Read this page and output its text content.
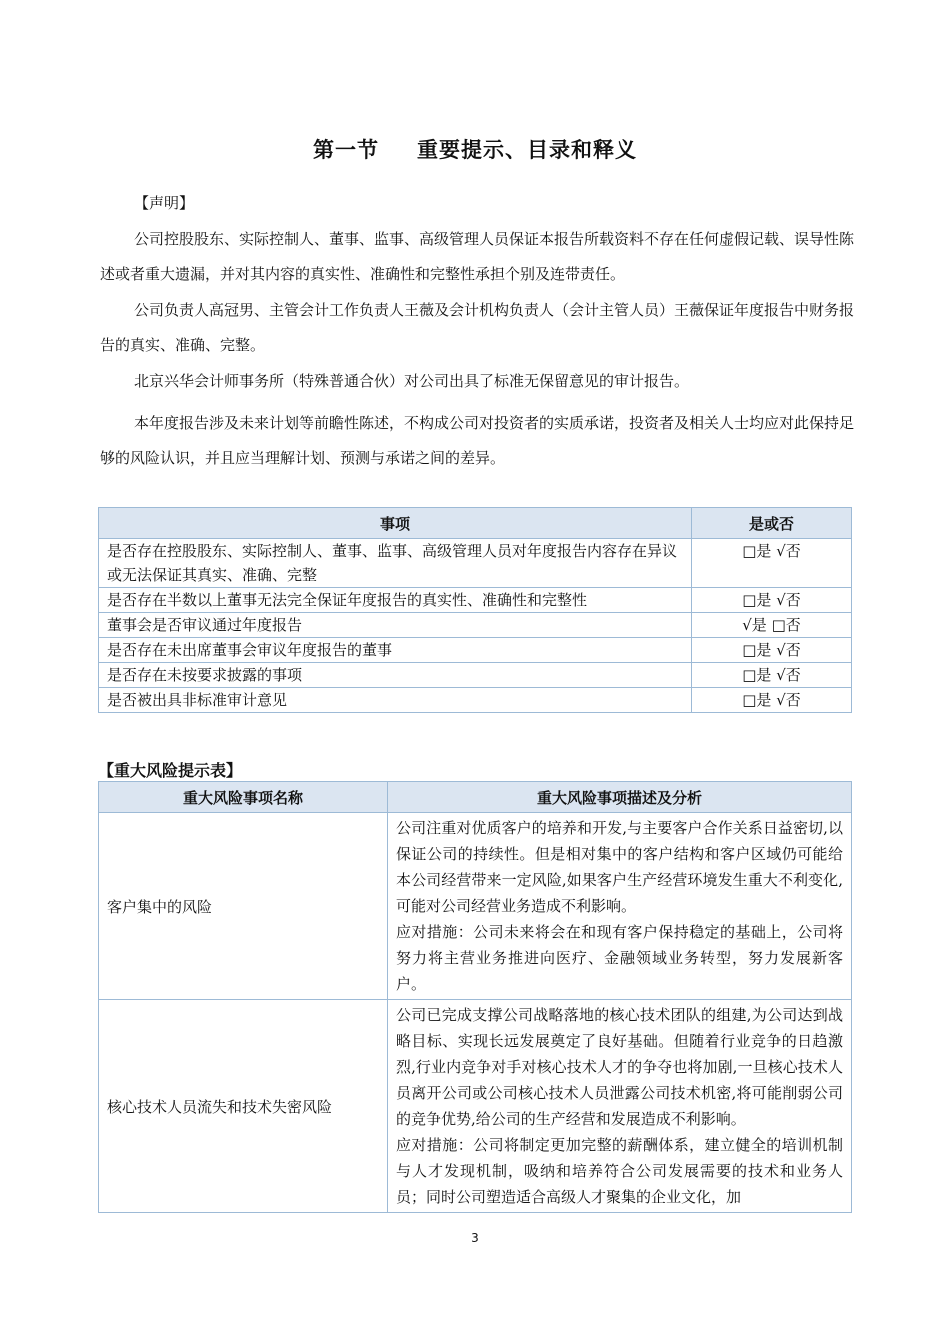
第一节 重要提示、目录和释义
【声明】
公司控股股东、实际控制人、董事、监事、高级管理人员保证本报告所载资料不存在任何虚假记载、误导性陈述或者重大遗漏，并对其内容的真实性、准确性和完整性承担个别及连带责任。
公司负责人高冠男、主管会计工作负责人王薇及会计机构负责人（会计主管人员）王薇保证年度报告中财务报告的真实、准确、完整。
北京兴华会计师事务所（特殊普通合伙）对公司出具了标准无保留意见的审计报告。
本年度报告涉及未来计划等前瞻性陈述，不构成公司对投资者的实质承诺，投资者及相关人士均应对此保持足够的风险认识，并且应当理解计划、预测与承诺之间的差异。
事项	是或否
是否存在控股股东、实际控制人、董事、监事、高级管理人员对年度报告内容存在异议或无法保证其真实、准确、完整	□是 √否
是否存在半数以上董事无法完全保证年度报告的真实性、准确性和完整性	□是 √否
董事会是否审议通过年度报告	√是 □否
是否存在未出席董事会审议年度报告的董事	□是 √否
是否存在未按要求披露的事项	□是 √否
是否被出具非标准审计意见	□是 √否
【重大风险提示表】
重大风险事项名称	重大风险事项描述及分析
客户集中的风险	公司注重对优质客户的培养和开发,与主要客户合作关系日益密切,以保证公司的持续性。但是相对集中的客户结构和客户区域仍可能给本公司经营带来一定风险,如果客户生产经营环境发生重大不利变化,可能对公司经营业务造成不利影响。
应对措施：公司未来将会在和现有客户保持稳定的基础上，公司将努力将主营业务推进向医疗、金融领域业务转型，努力发展新客户。

核心技术人员流失和技术失密风险	公司已完成支撑公司战略落地的核心技术团队的组建,为公司达到战略目标、实现长远发展奠定了良好基础。但随着行业竞争的日趋激烈,行业内竞争对手对核心技术人才的争夺也将加剧,一旦核心技术人员离开公司或公司核心技术人员泄露公司技术机密,将可能削弱公司的竞争优势,给公司的生产经营和发展造成不利影响。
应对措施：公司将制定更加完整的薪酬体系，建立健全的培训机制与人才发现机制，吸纳和培养符合公司发展需要的技术和业务人员；同时公司塑造适合高级人才聚集的企业文化，加
3
